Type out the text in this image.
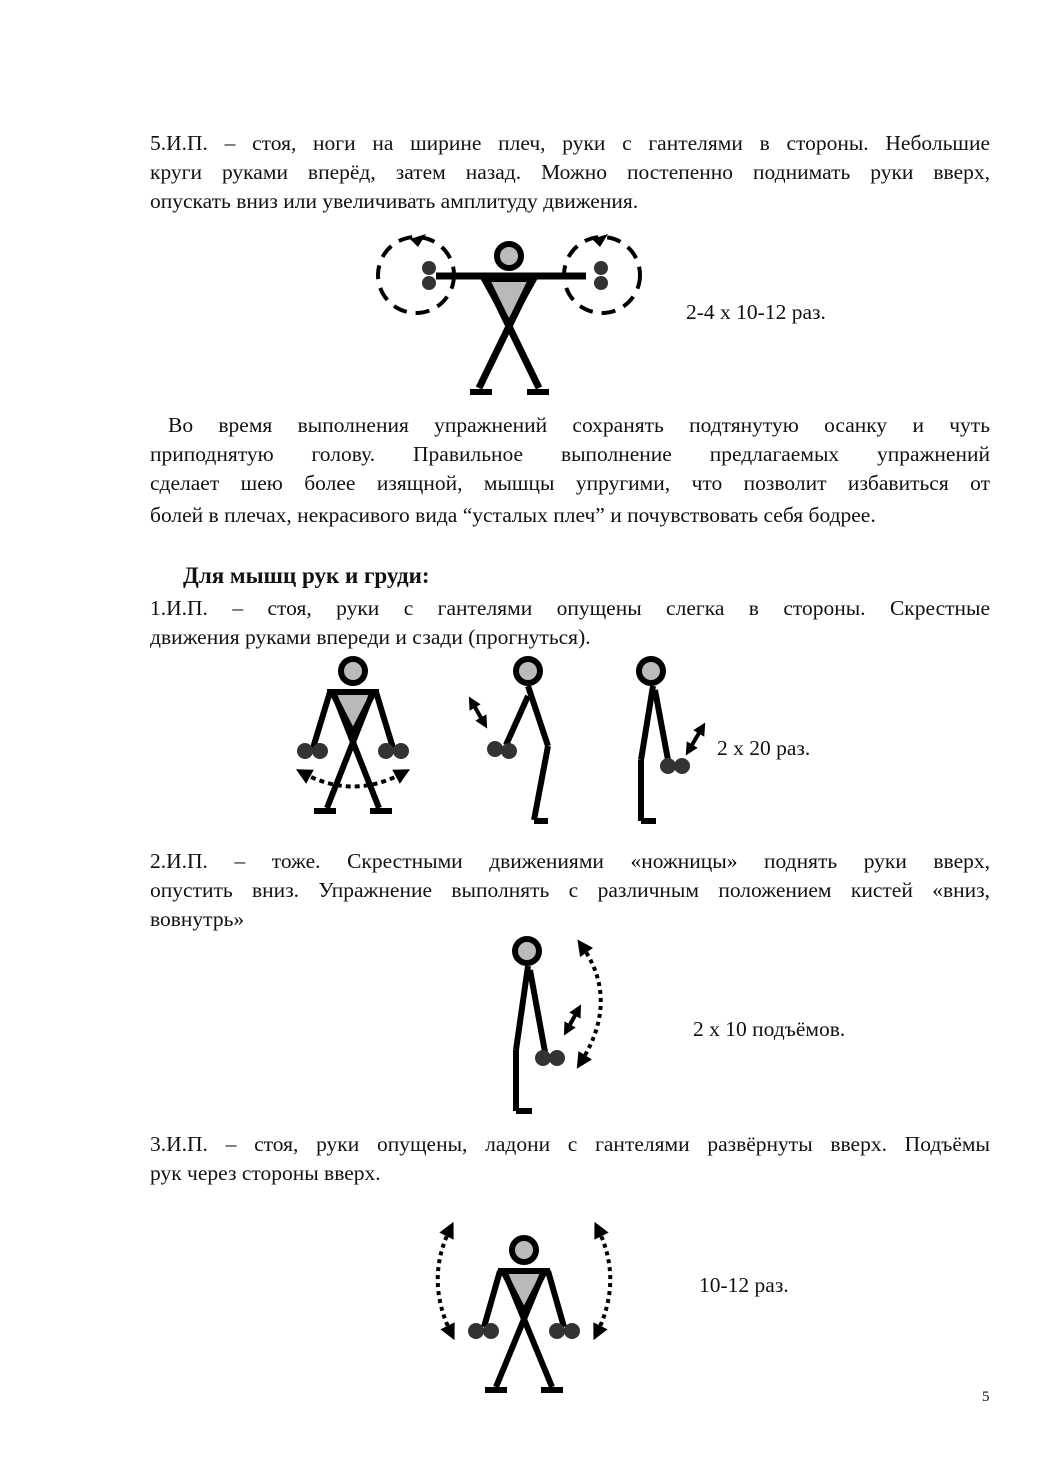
5.И.П. – стоя, ноги на ширине плеч, руки с гантелями в стороны. Небольшие
круги руками вперёд, затем назад. Можно постепенно поднимать руки вверх,
опускать вниз или увеличивать амплитуду движения.
2-4 х 10-12 раз.
Во время выполнения упражнений сохранять подтянутую осанку и чуть
приподнятую голову. Правильное выполнение предлагаемых упражнений
сделает шею более изящной, мышцы упругими, что позволит избавиться от
болей в плечах, некрасивого вида “усталых плеч” и почувствовать себя бодрее.
Для мышц рук и груди:
1.И.П. – стоя, руки с гантелями опущены слегка в стороны. Скрестные
движения руками впереди и сзади (прогнуться).
2 х 20 раз.
2.И.П. – тоже. Скрестными движениями «ножницы» поднять руки вверх,
опустить вниз. Упражнение выполнять с различным положением кистей «вниз,
вовнутрь»
2 х 10 подъёмов.
3.И.П. – стоя, руки опущены, ладони с гантелями развёрнуты вверх. Подъёмы
рук через стороны вверх.
10-12 раз.
5
